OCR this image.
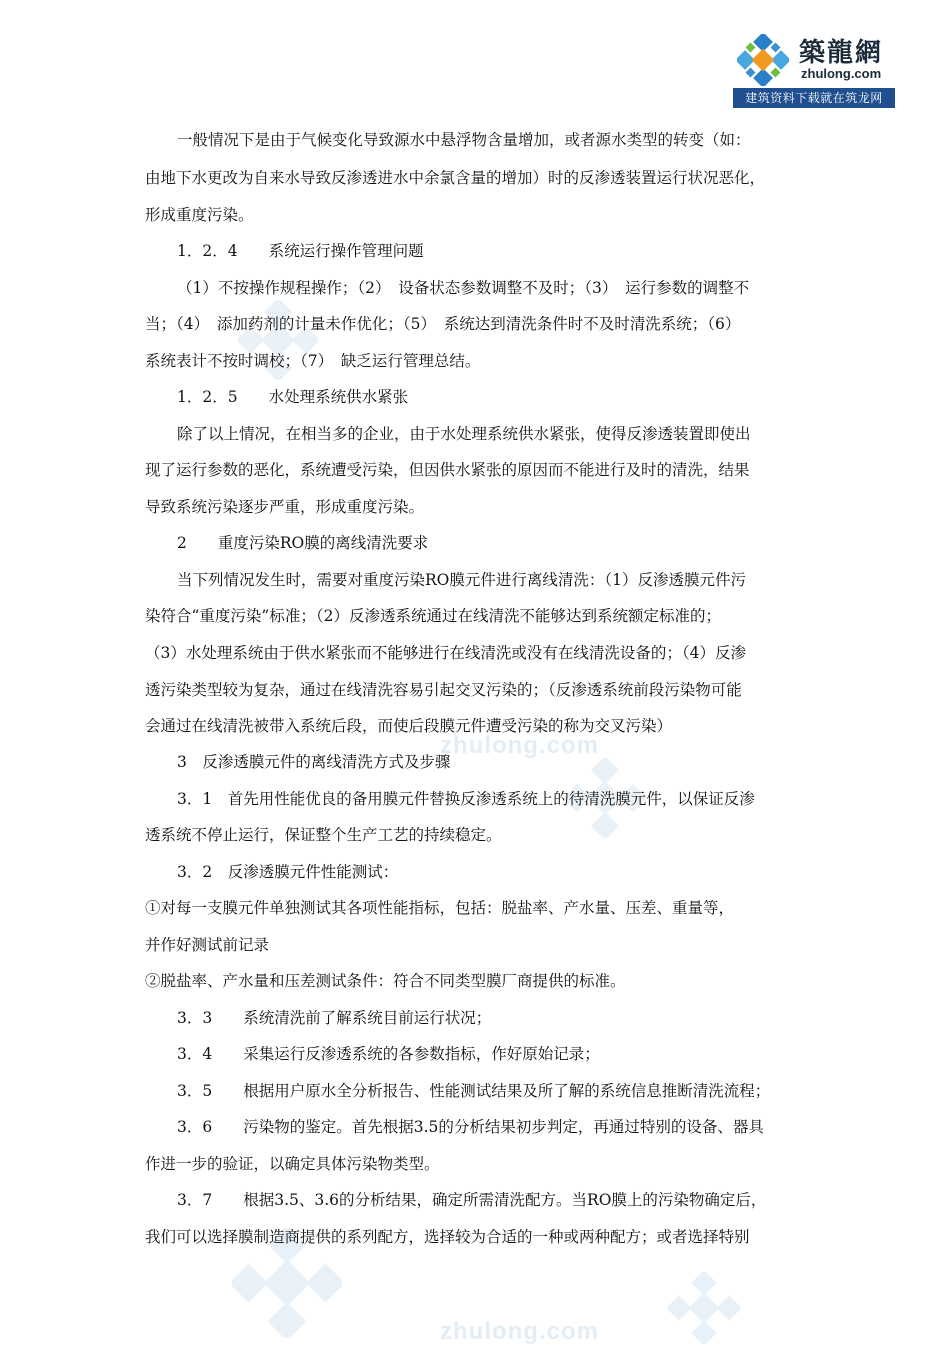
zhulong.com
zhulong.com
築龍網
zhulong.com
建筑资料下载就在筑龙网
一般情况下是由于气候变化导致源水中悬浮物含量增加，或者源水类型的转变（如：
由地下水更改为自来水导致反渗透进水中余氯含量的增加）时的反渗透装置运行状况恶化，
形成重度污染。
1．2．4　　系统运行操作管理问题
（1）不按操作规程操作；（2）　设备状态参数调整不及时；（3）　运行参数的调整不
当；（4）　添加药剂的计量未作优化；（5）　系统达到清洗条件时不及时清洗系统；（6）
系统表计不按时调校；（7）　缺乏运行管理总结。
1．2．5　　水处理系统供水紧张
除了以上情况，在相当多的企业，由于水处理系统供水紧张，使得反渗透装置即使出
现了运行参数的恶化，系统遭受污染，但因供水紧张的原因而不能进行及时的清洗，结果
导致系统污染逐步严重，形成重度污染。
2　　重度污染RO膜的离线清洗要求
当下列情况发生时，需要对重度污染RO膜元件进行离线清洗：（1）反渗透膜元件污
染符合“重度污染”标准；（2）反渗透系统通过在线清洗不能够达到系统额定标准的；
（3）水处理系统由于供水紧张而不能够进行在线清洗或没有在线清洗设备的；（4）反渗
透污染类型较为复杂，通过在线清洗容易引起交叉污染的；（反渗透系统前段污染物可能
会通过在线清洗被带入系统后段，而使后段膜元件遭受污染的称为交叉污染）
3　反渗透膜元件的离线清洗方式及步骤
3．1　首先用性能优良的备用膜元件替换反渗透系统上的待清洗膜元件，以保证反渗
透系统不停止运行，保证整个生产工艺的持续稳定。
3．2　反渗透膜元件性能测试：
①对每一支膜元件单独测试其各项性能指标，包括：脱盐率、产水量、压差、重量等，
并作好测试前记录
②脱盐率、产水量和压差测试条件：符合不同类型膜厂商提供的标准。
3．3　　系统清洗前了解系统目前运行状况；
3．4　　采集运行反渗透系统的各参数指标，作好原始记录；
3．5　　根据用户原水全分析报告、性能测试结果及所了解的系统信息推断清洗流程；
3．6　　污染物的鉴定。首先根据3.5的分析结果初步判定，再通过特别的设备、器具
作进一步的验证，以确定具体污染物类型。
3．7　　根据3.5、3.6的分析结果，确定所需清洗配方。当RO膜上的污染物确定后，
我们可以选择膜制造商提供的系列配方，选择较为合适的一种或两种配方；或者选择特别
